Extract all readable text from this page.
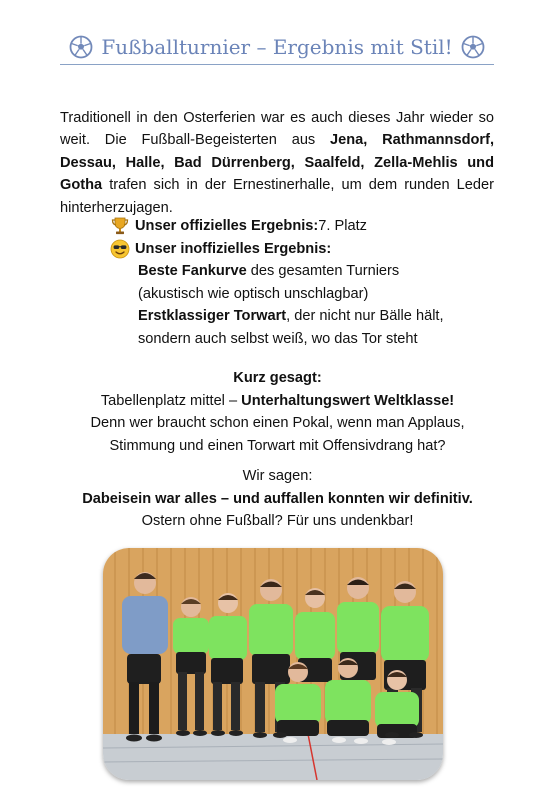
Fußballturnier – Ergebnis mit Stil!

Traditionell in den Osterferien war es auch dieses Jahr wieder so weit. Die Fußball-Begeisterten aus Jena, Rathmannsdorf, Dessau, Halle, Bad Dürrenberg, Saalfeld, Zella-Mehlis und Gotha trafen sich in der Ernestinerhalle, um dem runden Leder hinterherzujagen.

Unser offizielles Ergebnis: 7. Platz
Unser inoffizielles Ergebnis:
Beste Fankurve des gesamten Turniers
(akustisch wie optisch unschlagbar)
Erstklassiger Torwart, der nicht nur Bälle hält,
sondern auch selbst weiß, wo das Tor steht
Kurz gesagt:
Tabellenplatz mittel – Unterhaltungswert Weltklasse!
Denn wer braucht schon einen Pokal, wenn man Applaus,
Stimmung und einen Torwart mit Offensivdrang hat?
Wir sagen:
Dabeisein war alles – und auffallen konnten wir definitiv.
Ostern ohne Fußball? Für uns undenkbar!
